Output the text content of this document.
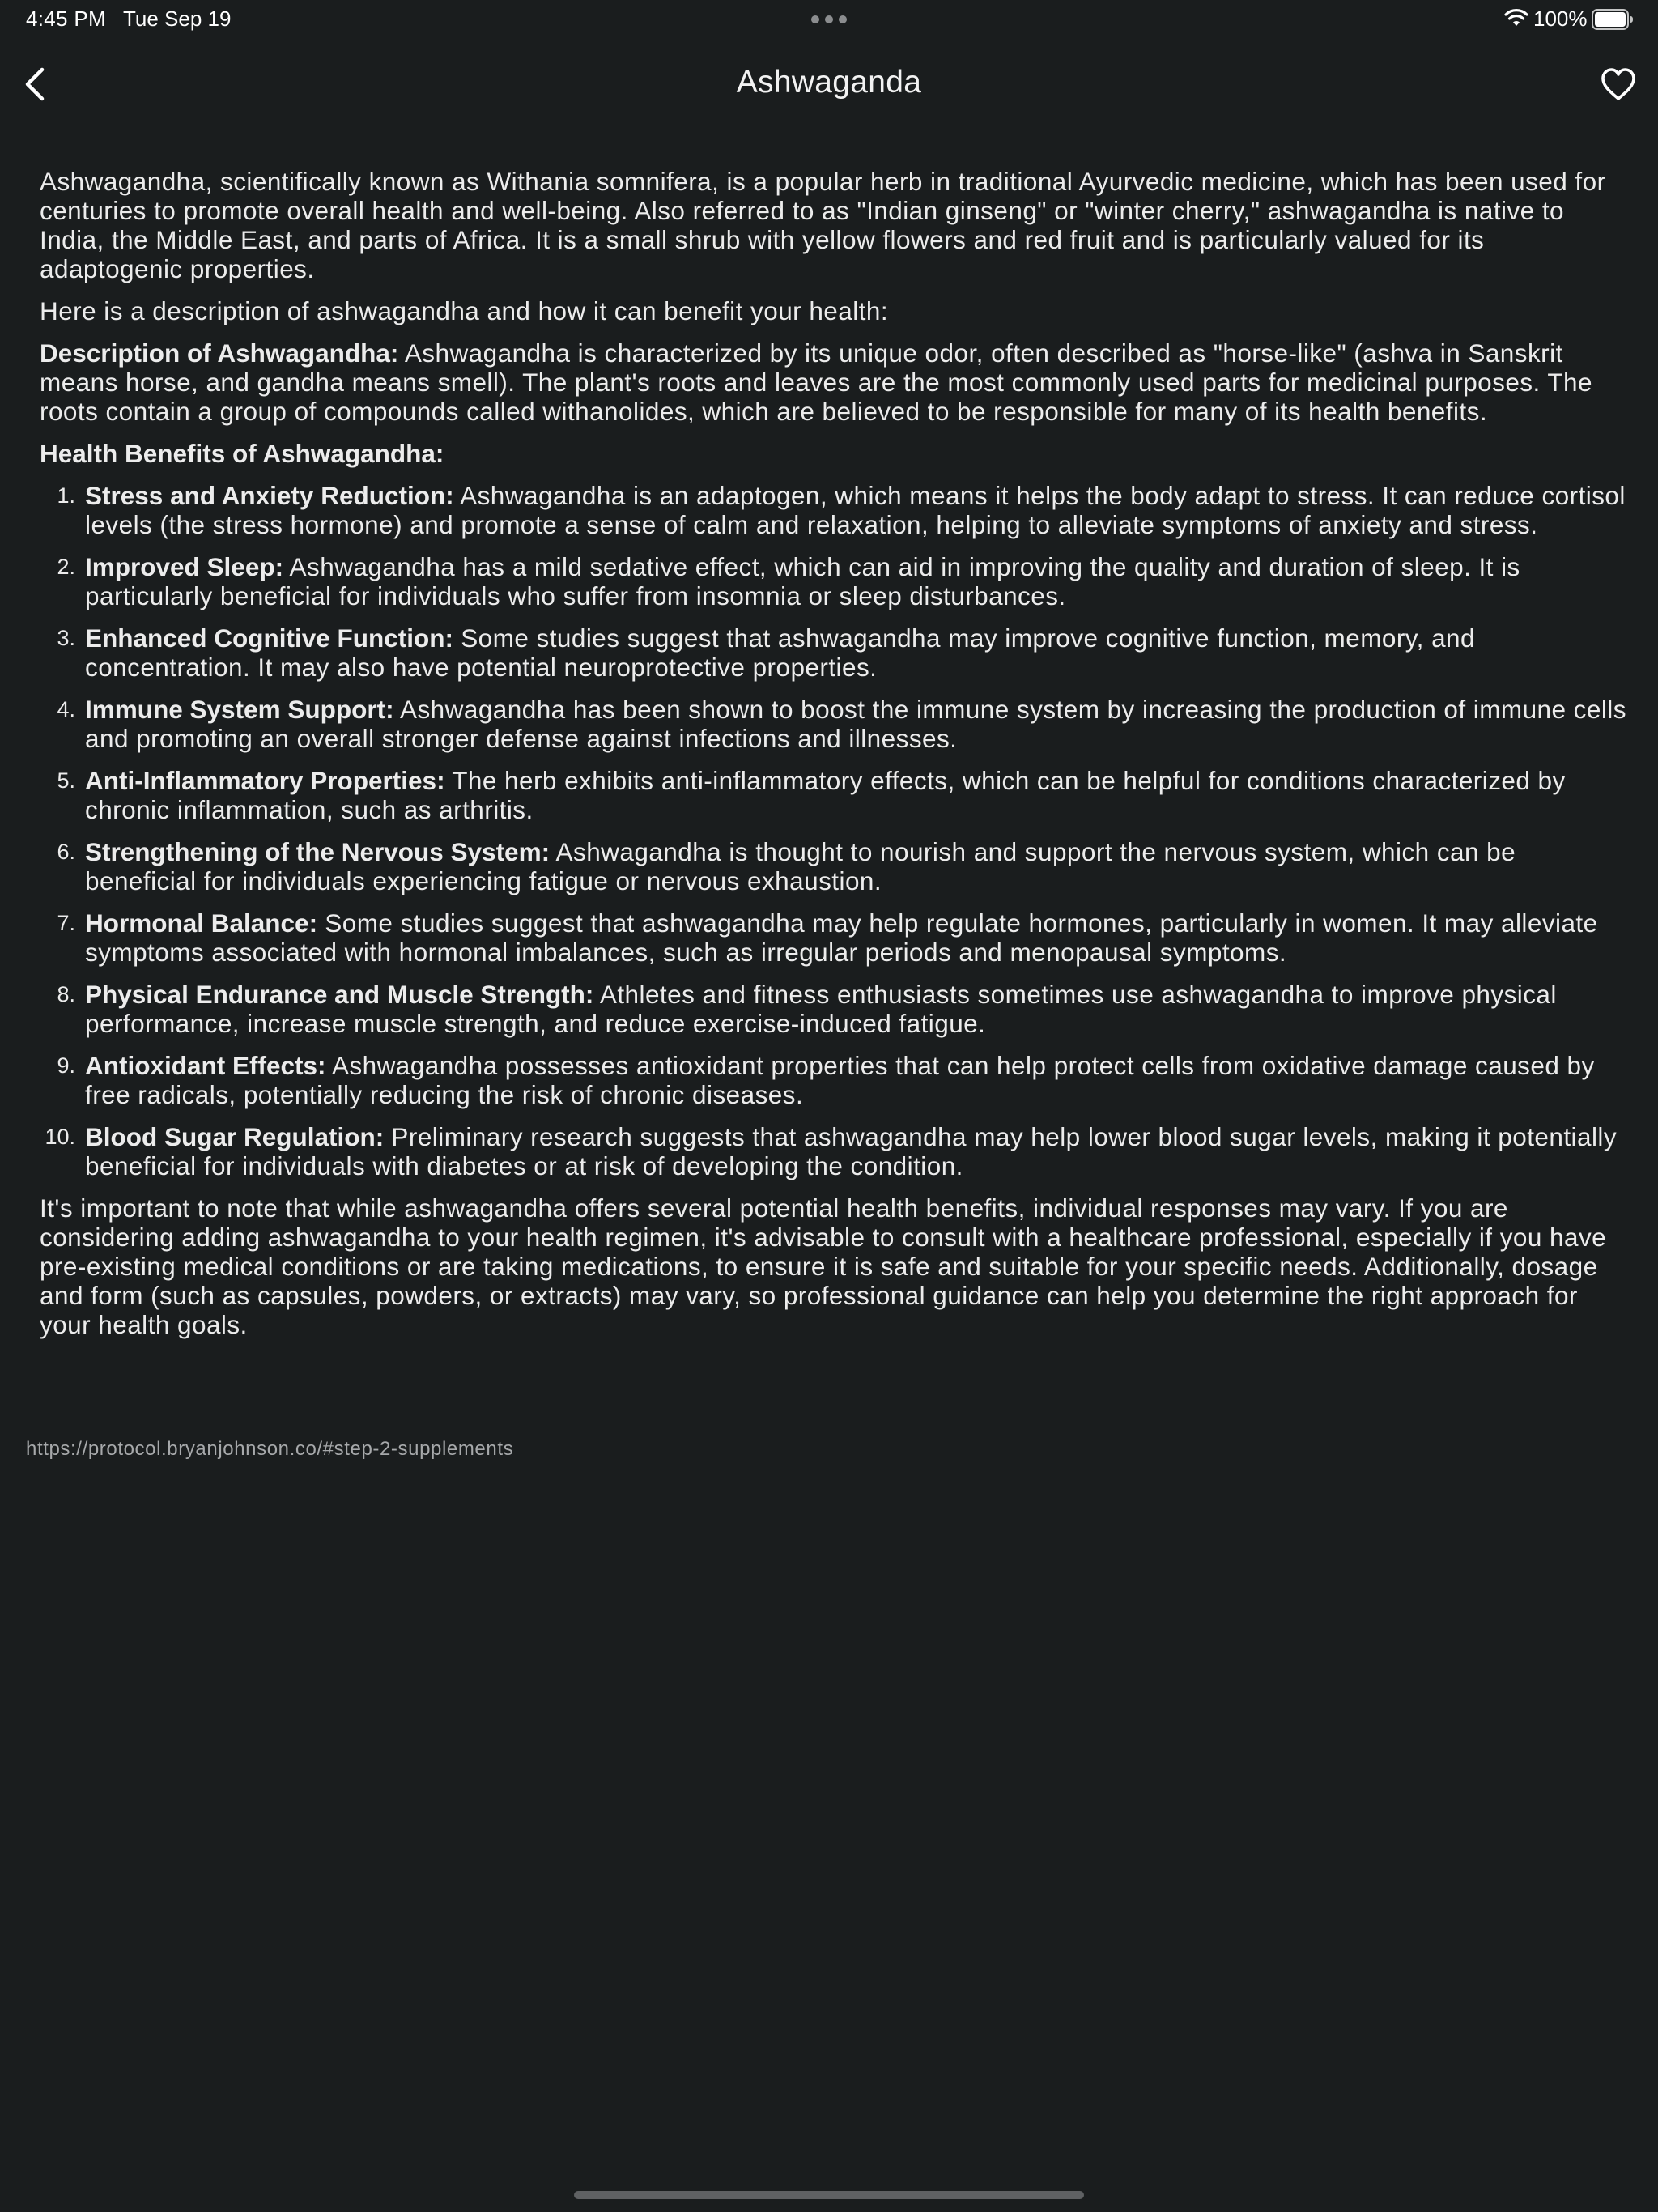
4:45 PM Tue Sep 19	100%
Ashwaganda

Ashwagandha, scientifically known as Withania somnifera, is a popular herb in traditional Ayurvedic medicine, which has been used for centuries to promote overall health and well-being. Also referred to as "Indian ginseng" or "winter cherry," ashwagandha is native to India, the Middle East, and parts of Africa. It is a small shrub with yellow flowers and red fruit and is particularly valued for its adaptogenic properties.

Here is a description of ashwagandha and how it can benefit your health:

Description of Ashwagandha: Ashwagandha is characterized by its unique odor, often described as "horse-like" (ashva in Sanskrit means horse, and gandha means smell). The plant's roots and leaves are the most commonly used parts for medicinal purposes. The roots contain a group of compounds called withanolides, which are believed to be responsible for many of its health benefits.

Health Benefits of Ashwagandha:

1. Stress and Anxiety Reduction: Ashwagandha is an adaptogen, which means it helps the body adapt to stress. It can reduce cortisol levels (the stress hormone) and promote a sense of calm and relaxation, helping to alleviate symptoms of anxiety and stress.
2. Improved Sleep: Ashwagandha has a mild sedative effect, which can aid in improving the quality and duration of sleep. It is particularly beneficial for individuals who suffer from insomnia or sleep disturbances.
3. Enhanced Cognitive Function: Some studies suggest that ashwagandha may improve cognitive function, memory, and concentration. It may also have potential neuroprotective properties.
4. Immune System Support: Ashwagandha has been shown to boost the immune system by increasing the production of immune cells and promoting an overall stronger defense against infections and illnesses.
5. Anti-Inflammatory Properties: The herb exhibits anti-inflammatory effects, which can be helpful for conditions characterized by chronic inflammation, such as arthritis.
6. Strengthening of the Nervous System: Ashwagandha is thought to nourish and support the nervous system, which can be beneficial for individuals experiencing fatigue or nervous exhaustion.
7. Hormonal Balance: Some studies suggest that ashwagandha may help regulate hormones, particularly in women. It may alleviate symptoms associated with hormonal imbalances, such as irregular periods and menopausal symptoms.
8. Physical Endurance and Muscle Strength: Athletes and fitness enthusiasts sometimes use ashwagandha to improve physical performance, increase muscle strength, and reduce exercise-induced fatigue.
9. Antioxidant Effects: Ashwagandha possesses antioxidant properties that can help protect cells from oxidative damage caused by free radicals, potentially reducing the risk of chronic diseases.
10. Blood Sugar Regulation: Preliminary research suggests that ashwagandha may help lower blood sugar levels, making it potentially beneficial for individuals with diabetes or at risk of developing the condition.

It's important to note that while ashwagandha offers several potential health benefits, individual responses may vary. If you are considering adding ashwagandha to your health regimen, it's advisable to consult with a healthcare professional, especially if you have pre-existing medical conditions or are taking medications, to ensure it is safe and suitable for your specific needs. Additionally, dosage and form (such as capsules, powders, or extracts) may vary, so professional guidance can help you determine the right approach for your health goals.

https://protocol.bryanjohnson.co/#step-2-supplements
